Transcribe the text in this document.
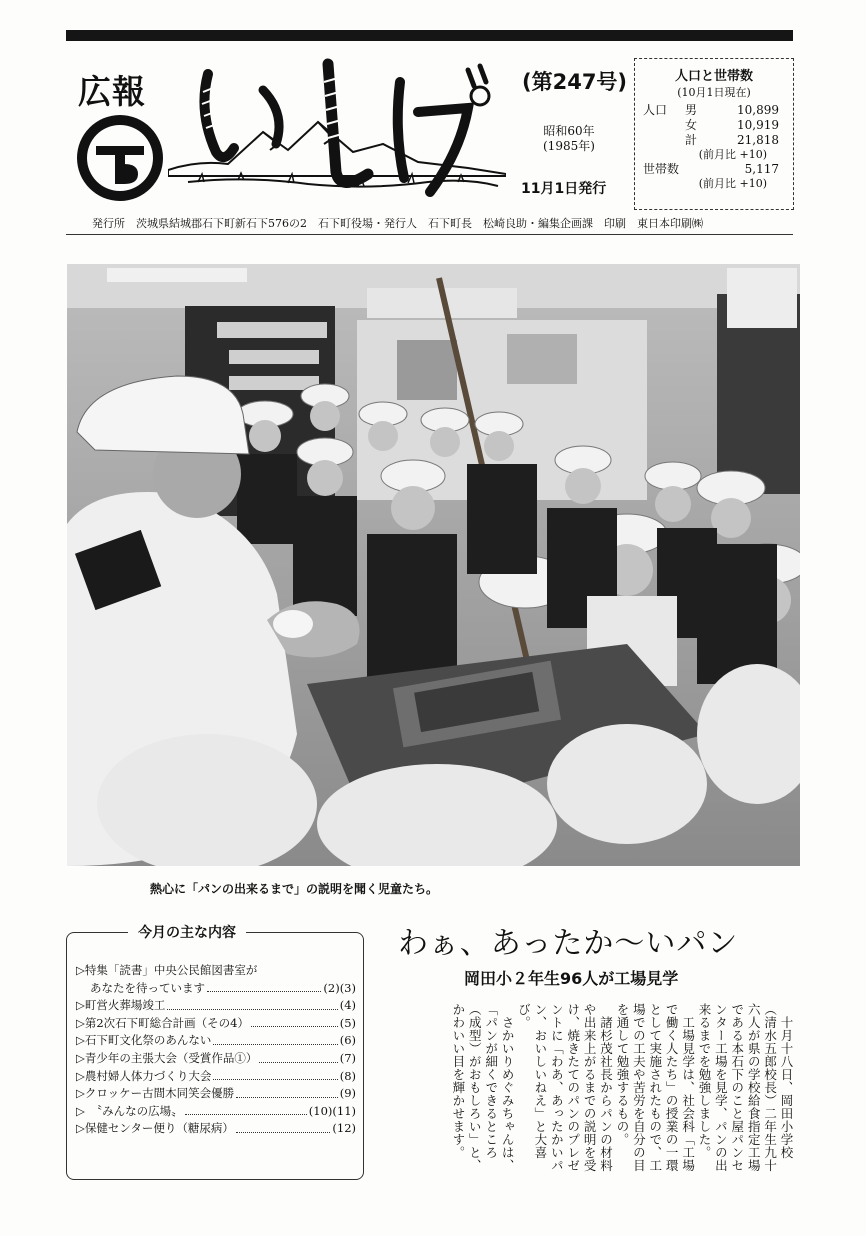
広報	(第247号)
昭和60年
(1985年)
11月1日発行
人口と世帯数
(10月1日現在)
人口	男	10,899
女	10,919
計	21,818
(前月比 +10)
世帯数	5,117
(前月比 +10)
発行所　茨城県結城郡石下町新石下576の2　石下町役場・発行人　石下町長　松崎良助・編集企画課　印刷　東日本印刷㈱
熱心に「パンの出来るまで」の説明を聞く児童たち。
今月の主な内容
▷特集「読書」中央公民館図書室が
あなたを待っています	(2)(3)
▷町営火葬場竣工	(4)
▷第2次石下町総合計画（その4）	(5)
▷石下町文化祭のあんない	(6)
▷青少年の主張大会（受賞作品①）	(7)
▷農村婦人体力づくり大会	(8)
▷クロッケー古間木同笑会優勝	(9)
▷　〝みんなの広場〟	(10)(11)
▷保健センター便り（糖尿病）	(12)
わぁ、あったか〜いパン
岡田小２年生96人が工場見学

十月十八日、岡田小学校（清水五郎校長）二年生九十六人が県の学校給食指定工場である本石下のこと屋パンセンター工場を見学、パンの出来るまでを勉強しました。

工場見学は、社会科「工場で働く人たち」の授業の一環として実施されたもので、工場での工夫や苦労を自分の目を通して勉強するもの。

諸杉茂社長からパンの材料や出来上がるまでの説明を受け、焼きたてのパンのプレゼントに「わあ、あったかいパン、おいしいねえ」と大喜び。

さかいりめぐみちゃんは、「パンが細くできるところ（成型）がおもしろい」と、かわいい目を輝かせます。
